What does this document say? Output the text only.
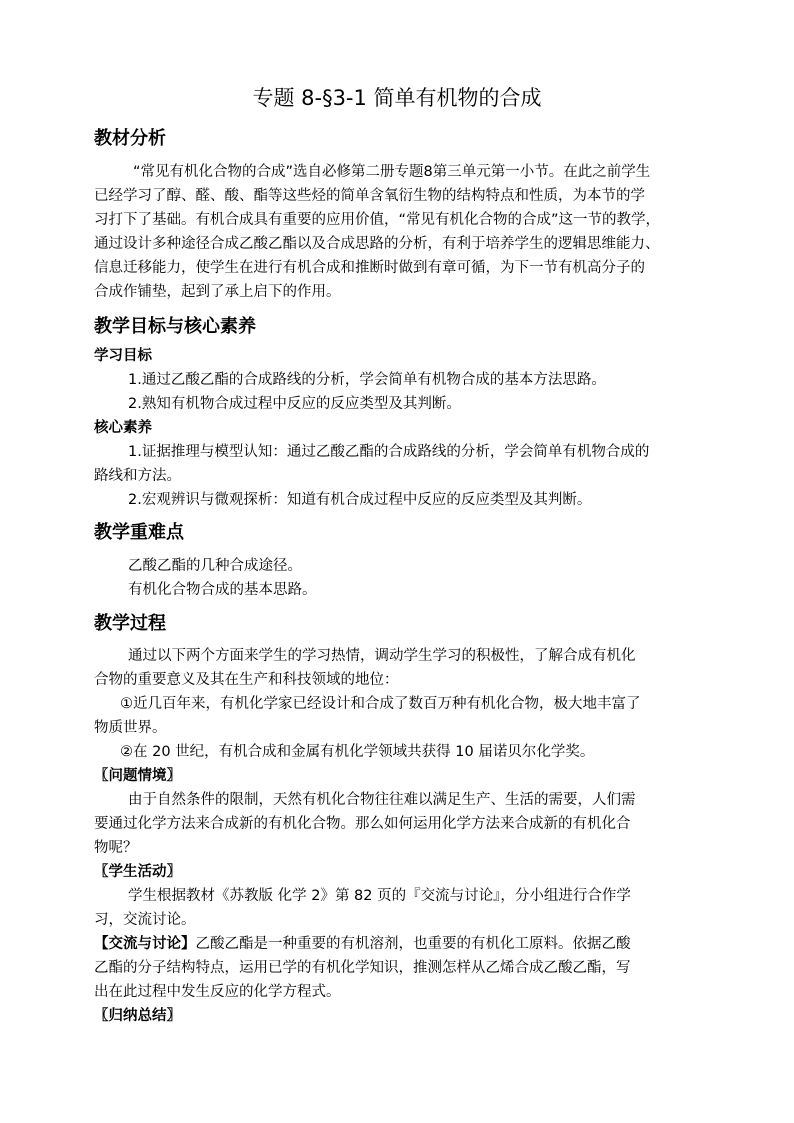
专题 8-§3-1 简单有机物的合成
教材分析
“常见有机化合物的合成”选自必修第二册专题8第三单元第一小节。在此之前学生
已经学习了醇、醛、酸、酯等这些烃的简单含氧衍生物的结构特点和性质，为本节的学
习打下了基础。有机合成具有重要的应用价值，“常见有机化合物的合成”这一节的教学，
通过设计多种途径合成乙酸乙酯以及合成思路的分析，有利于培养学生的逻辑思维能力、
信息迁移能力，使学生在进行有机合成和推断时做到有章可循，为下一节有机高分子的
合成作铺垫，起到了承上启下的作用。
教学目标与核心素养
学习目标
1.通过乙酸乙酯的合成路线的分析，学会简单有机物合成的基本方法思路。
2.熟知有机物合成过程中反应的反应类型及其判断。
核心素养
1.证据推理与模型认知：通过乙酸乙酯的合成路线的分析，学会简单有机物合成的
路线和方法。
2.宏观辨识与微观探析：知道有机合成过程中反应的反应类型及其判断。
教学重难点
乙酸乙酯的几种合成途径。
有机化合物合成的基本思路。
教学过程
通过以下两个方面来学生的学习热情，调动学生学习的积极性，了解合成有机化
合物的重要意义及其在生产和科技领域的地位：
①近几百年来，有机化学家已经设计和合成了数百万种有机化合物，极大地丰富了
物质世界。
②在 20 世纪，有机合成和金属有机化学领域共获得 10 届诺贝尔化学奖。
〖问题情境〗
由于自然条件的限制，天然有机化合物往往难以满足生产、生活的需要，人们需
要通过化学方法来合成新的有机化合物。那么如何运用化学方法来合成新的有机化合
物呢？
〖学生活动〗
学生根据教材《苏教版 化学 2》第 82 页的『交流与讨论』，分小组进行合作学
习，交流讨论。
【交流与讨论】乙酸乙酯是一种重要的有机溶剂，也重要的有机化工原料。依据乙酸
乙酯的分子结构特点，运用已学的有机化学知识，推测怎样从乙烯合成乙酸乙酯，写
出在此过程中发生反应的化学方程式。
〖归纳总结〗
